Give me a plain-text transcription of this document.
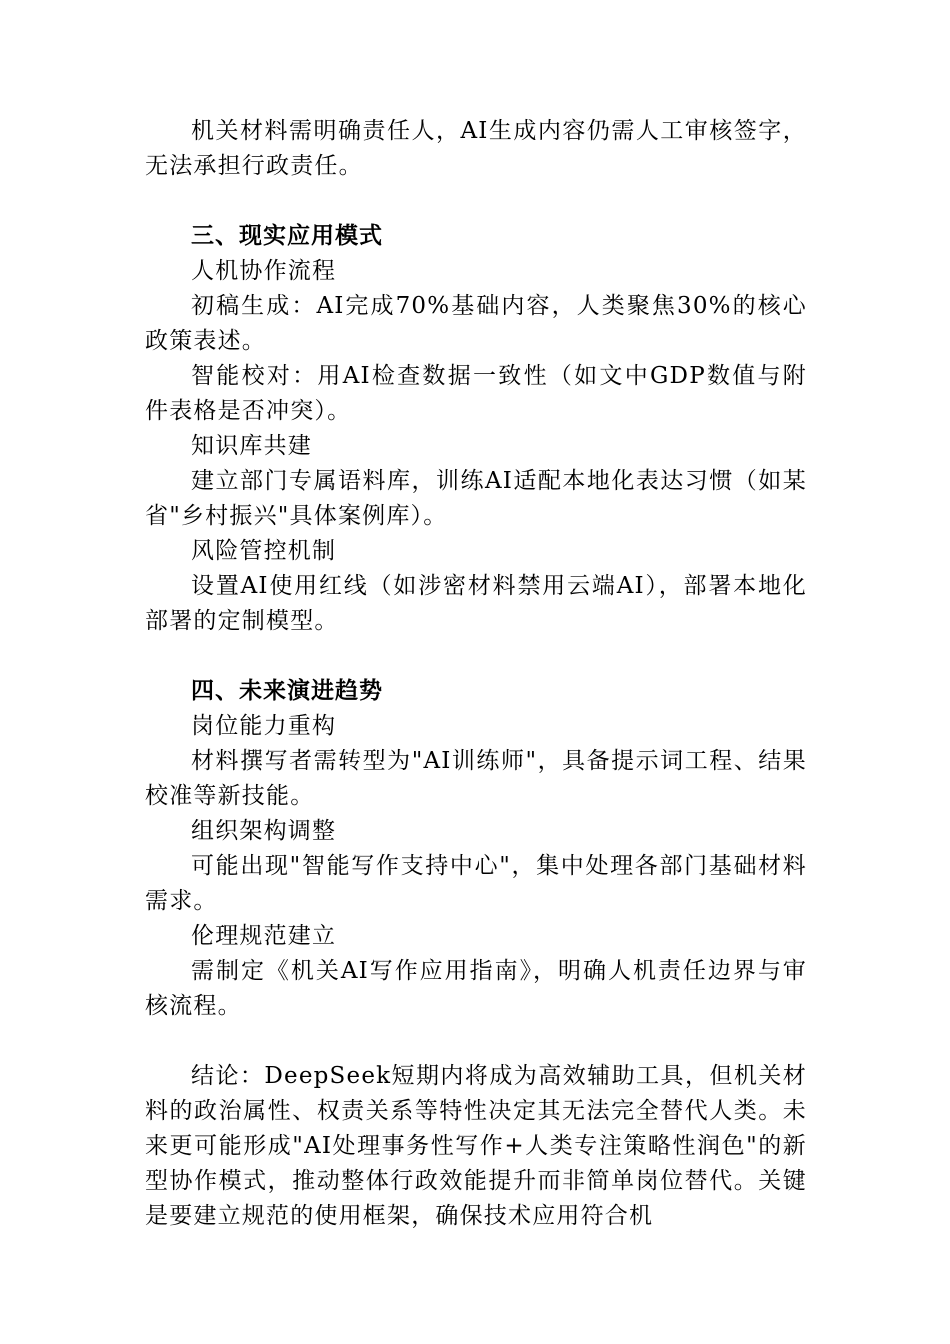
机关材料需明确责任人，AI生成内容仍需人工审核签字，无法承担行政责任。

三、现实应用模式

人机协作流程

初稿生成：AI完成70%基础内容，人类聚焦30%的核心政策表述。

智能校对：用AI检查数据一致性（如文中GDP数值与附件表格是否冲突）。

知识库共建

建立部门专属语料库，训练AI适配本地化表达习惯（如某省"乡村振兴"具体案例库）。

风险管控机制

设置AI使用红线（如涉密材料禁用云端AI），部署本地化部署的定制模型。

四、未来演进趋势

岗位能力重构

材料撰写者需转型为"AI训练师"，具备提示词工程、结果校准等新技能。

组织架构调整

可能出现"智能写作支持中心"，集中处理各部门基础材料需求。

伦理规范建立

需制定《机关AI写作应用指南》，明确人机责任边界与审核流程。

结论：DeepSeek短期内将成为高效辅助工具，但机关材料的政治属性、权责关系等特性决定其无法完全替代人类。未来更可能形成"AI处理事务性写作+人类专注策略性润色"的新型协作模式，推动整体行政效能提升而非简单岗位替代。关键是要建立规范的使用框架，确保技术应用符合机
